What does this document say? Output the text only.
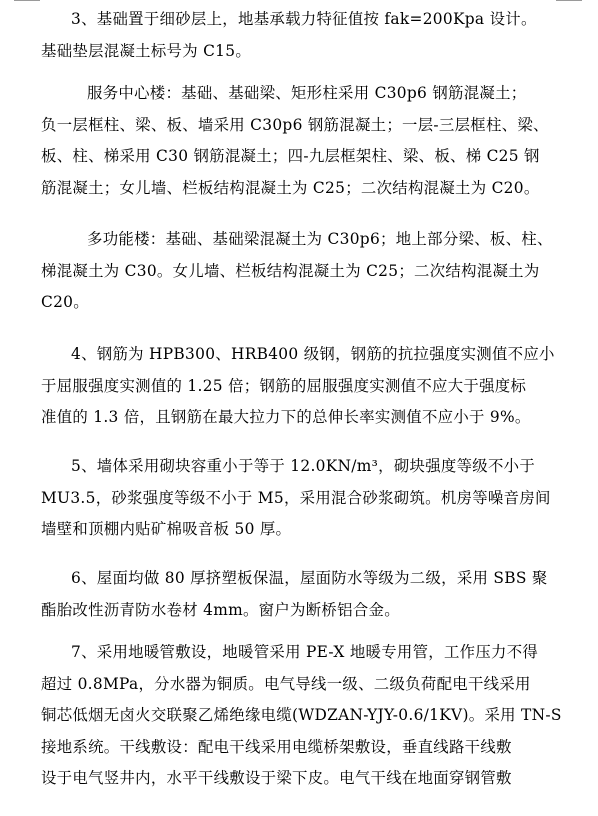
3、基础置于细砂层上，地基承载力特征值按 fak=200Kpa 设计。
基础垫层混凝土标号为 C15。

服务中心楼：基础、基础梁、矩形柱采用 C30p6 钢筋混凝土；
负一层框柱、梁、板、墙采用 C30p6 钢筋混凝土；一层-三层框柱、梁、
板、柱、梯采用 C30 钢筋混凝土；四-九层框架柱、梁、板、梯 C25 钢
筋混凝土；女儿墙、栏板结构混凝土为 C25；二次结构混凝土为 C20。

多功能楼：基础、基础梁混凝土为 C30p6；地上部分梁、板、柱、
梯混凝土为 C30。女儿墙、栏板结构混凝土为 C25；二次结构混凝土为
C20。

4、钢筋为 HPB300、HRB400 级钢，钢筋的抗拉强度实测值不应小
于屈服强度实测值的 1.25 倍；钢筋的屈服强度实测值不应大于强度标
准值的 1.3 倍，且钢筋在最大拉力下的总伸长率实测值不应小于 9%。

5、墙体采用砌块容重小于等于 12.0KN/m³，砌块强度等级不小于
MU3.5，砂浆强度等级不小于 M5，采用混合砂浆砌筑。机房等噪音房间
墙壁和顶棚内贴矿棉吸音板 50 厚。

6、屋面均做 80 厚挤塑板保温，屋面防水等级为二级，采用 SBS 聚
酯胎改性沥青防水卷材 4mm。窗户为断桥铝合金。

7、采用地暖管敷设，地暖管采用 PE-X 地暖专用管，工作压力不得
超过 0.8MPa，分水器为铜质。电气导线一级、二级负荷配电干线采用
铜芯低烟无卤火交联聚乙烯绝缘电缆(WDZAN-YJY-0.6/1KV)。采用 TN-S
接地系统。干线敷设：配电干线采用电缆桥架敷设，垂直线路干线敷
设于电气竖井内，水平干线敷设于梁下皮。电气干线在地面穿钢管敷
